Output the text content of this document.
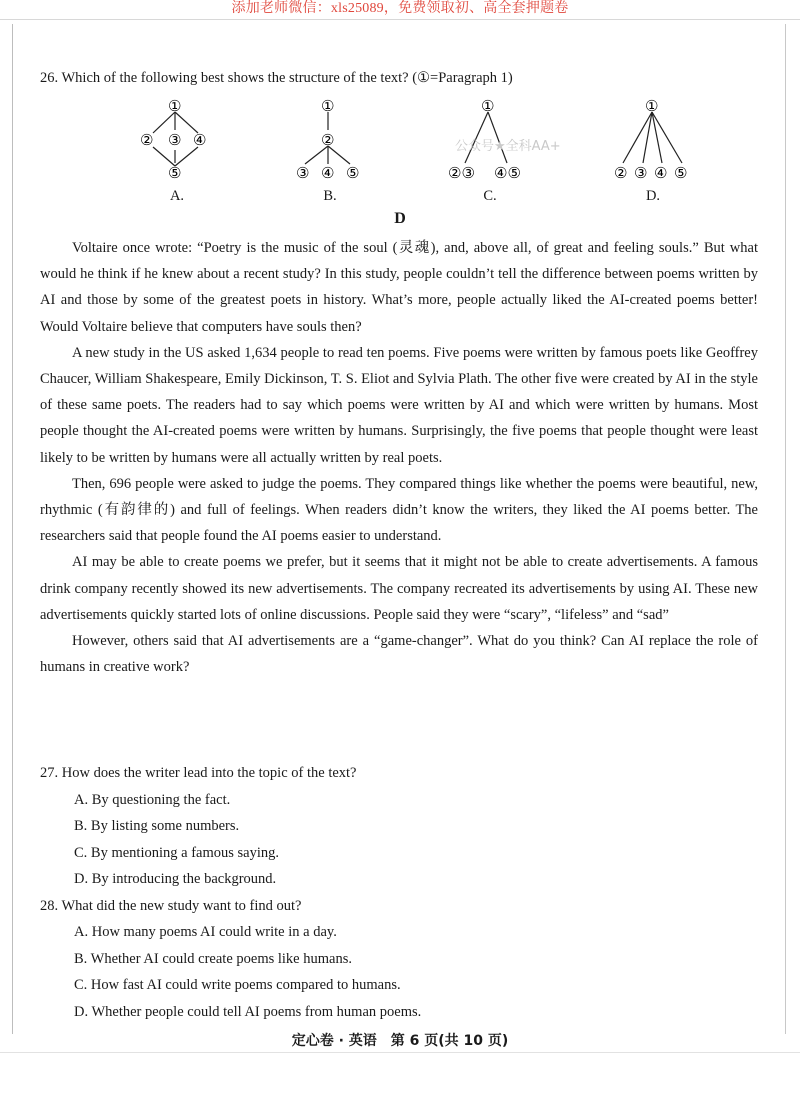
添加老师微信：xls25089，免费领取初、高全套押题卷
26. Which of the following best shows the structure of the text? (①=Paragraph 1)
①
② ③ ④
⑤
①
②
③ ④ ⑤
①
②③ ④⑤
①
② ③ ④ ⑤
A.	B.	C.	D.
公众号★全科AA+
D

Voltaire once wrote: “Poetry is the music of the soul (灵魂), and, above all, of great and feeling souls.” But what would he think if he knew about a recent study? In this study, people couldn’t tell the difference between poems written by AI and those by some of the greatest poets in history. What’s more, people actually liked the AI-created poems better! Would Voltaire believe that computers have souls then?

A new study in the US asked 1,634 people to read ten poems. Five poems were written by famous poets like Geoffrey Chaucer, William Shakespeare, Emily Dickinson, T. S. Eliot and Sylvia Plath. The other five were created by AI in the style of these same poets. The readers had to say which poems were written by AI and which were written by humans. Most people thought the AI-created poems were written by humans. Surprisingly, the five poems that people thought were least likely to be written by humans were all actually written by real poets.

Then, 696 people were asked to judge the poems. They compared things like whether the poems were beautiful, new, rhythmic (有韵律的) and full of feelings. When readers didn’t know the writers, they liked the AI poems better. The researchers said that people found the AI poems easier to understand.

AI may be able to create poems we prefer, but it seems that it might not be able to create advertisements. A famous drink company recently showed its new advertisements. The company recreated its advertisements by using AI. These new advertisements quickly started lots of online discussions. People said they were “scary”, “lifeless” and “sad”

However, others said that AI advertisements are a “game-changer”. What do you think? Can AI replace the role of humans in creative work?

27. How does the writer lead into the topic of the text?

A. By questioning the fact.

B. By listing some numbers.

C. By mentioning a famous saying.

D. By introducing the background.

28. What did the new study want to find out?

A. How many poems AI could write in a day.

B. Whether AI could create poems like humans.

C. How fast AI could write poems compared to humans.

D. Whether people could tell AI poems from human poems.

定心卷 · 英语　第 6 页(共 10 页)
